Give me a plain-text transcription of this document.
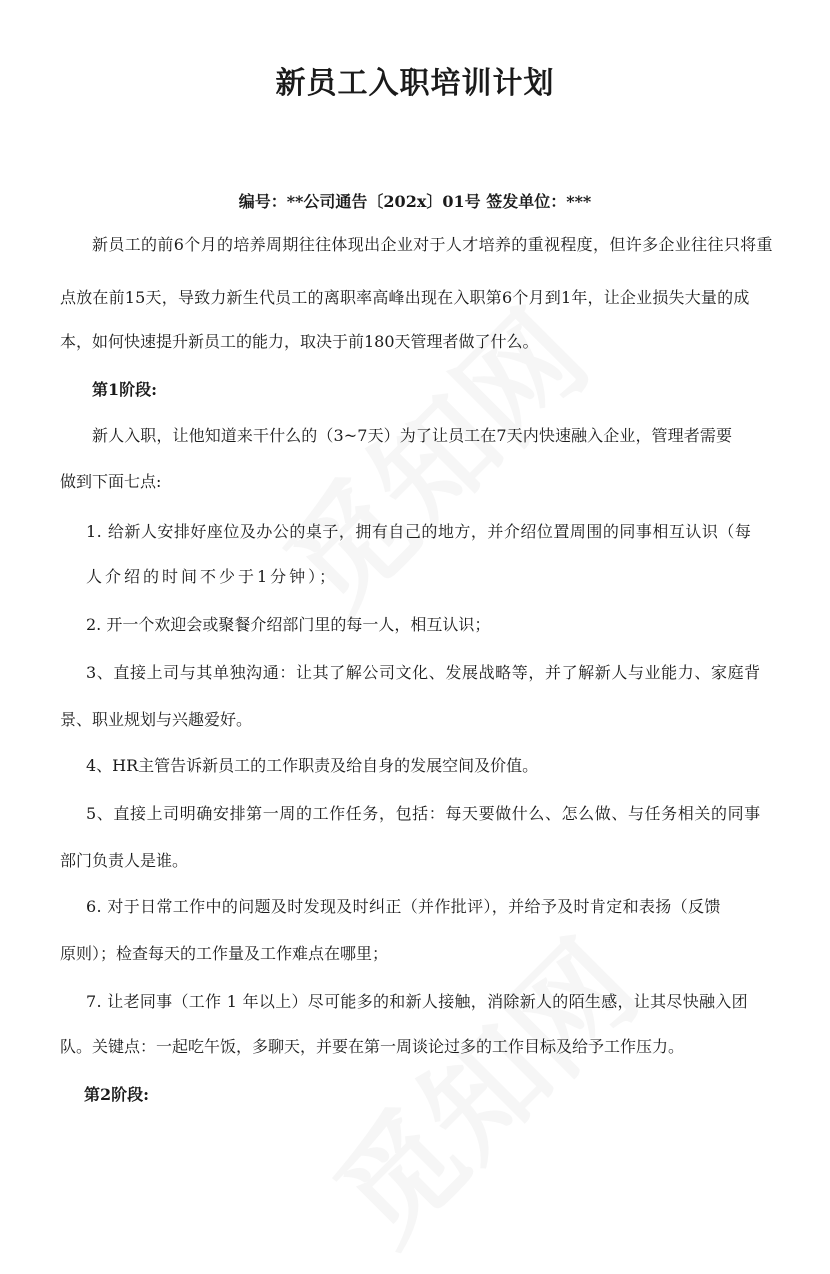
新员工入职培训计划
编号：**公司通告〔202x〕01号 签发单位：***
新员工的前6个月的培养周期往往体现出企业对于人才培养的重视程度，但许多企业往往只将重
点放在前15天，导致力新生代员工的离职率高峰出现在入职第6个月到1年，让企业损失大量的成
本，如何快速提升新员工的能力，取决于前180天管理者做了什么。
第1阶段:
新人入职，让他知道来干什么的（3~7天）为了让员工在7天内快速融入企业，管理者需要
做到下面七点:
1. 给新人安排好座位及办公的桌子，拥有自己的地方，并介绍位置周围的同事相互认识（每
人介绍的时间不少于1分钟）；
2. 开一个欢迎会或聚餐介绍部门里的每一人，相互认识；
3、直接上司与其单独沟通：让其了解公司文化、发展战略等，并了解新人与业能力、家庭背
景、职业规划与兴趣爱好。
4、HR主管告诉新员工的工作职责及给自身的发展空间及价值。
5、直接上司明确安排第一周的工作任务，包括：每天要做什么、怎么做、与任务相关的同事
部门负责人是谁。
6. 对于日常工作中的问题及时发现及时纠正（并作批评），并给予及时肯定和表扬（反馈
原则）；检查每天的工作量及工作难点在哪里；
7. 让老同事（工作 1 年以上）尽可能多的和新人接触，消除新人的陌生感，让其尽快融入团
队。关键点：一起吃午饭，多聊天，并要在第一周谈论过多的工作目标及给予工作压力。
第2阶段:
